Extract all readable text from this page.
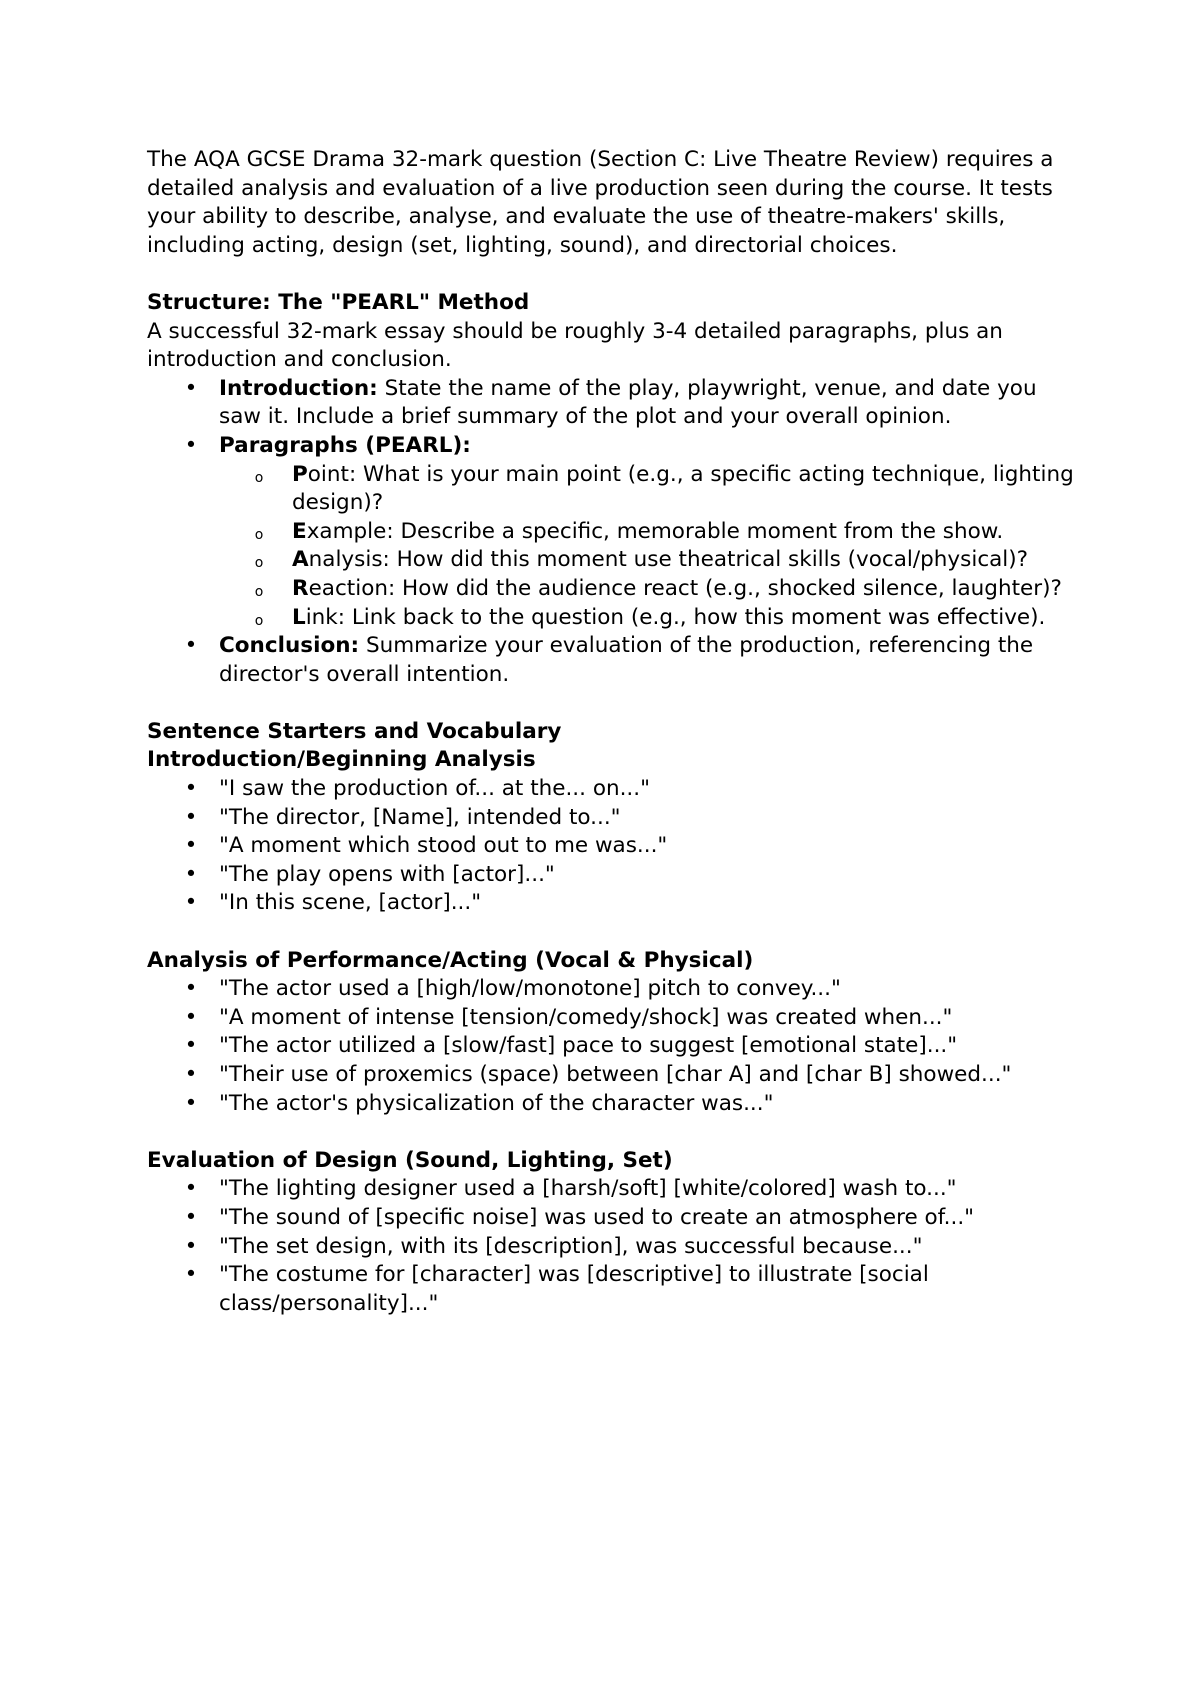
The AQA GCSE Drama 32-mark question (Section C: Live Theatre Review) requires a detailed analysis and evaluation of a live production seen during the course. It tests your ability to describe, analyse, and evaluate the use of theatre-makers' skills, including acting, design (set, lighting, sound), and directorial choices.

Structure: The "PEARL" Method

A successful 32-mark essay should be roughly 3-4 detailed paragraphs, plus an introduction and conclusion.

• Introduction: State the name of the play, playwright, venue, and date you saw it. Include a brief summary of the plot and your overall opinion.
• Paragraphs (PEARL):
o Point: What is your main point (e.g., a specific acting technique, lighting design)?
o Example: Describe a specific, memorable moment from the show.
o Analysis: How did this moment use theatrical skills (vocal/physical)?
o Reaction: How did the audience react (e.g., shocked silence, laughter)?
o Link: Link back to the question (e.g., how this moment was effective).
• Conclusion: Summarize your evaluation of the production, referencing the director's overall intention.

Sentence Starters and Vocabulary

Introduction/Beginning Analysis

• "I saw the production of... at the... on..."
• "The director, [Name], intended to..."
• "A moment which stood out to me was..."
• "The play opens with [actor]..."
• "In this scene, [actor]..."

Analysis of Performance/Acting (Vocal & Physical)

• "The actor used a [high/low/monotone] pitch to convey..."
• "A moment of intense [tension/comedy/shock] was created when..."
• "The actor utilized a [slow/fast] pace to suggest [emotional state]..."
• "Their use of proxemics (space) between [char A] and [char B] showed..."
• "The actor's physicalization of the character was..."

Evaluation of Design (Sound, Lighting, Set)

• "The lighting designer used a [harsh/soft] [white/colored] wash to..."
• "The sound of [specific noise] was used to create an atmosphere of..."
• "The set design, with its [description], was successful because..."
• "The costume for [character] was [descriptive] to illustrate [social class/personality]..."
